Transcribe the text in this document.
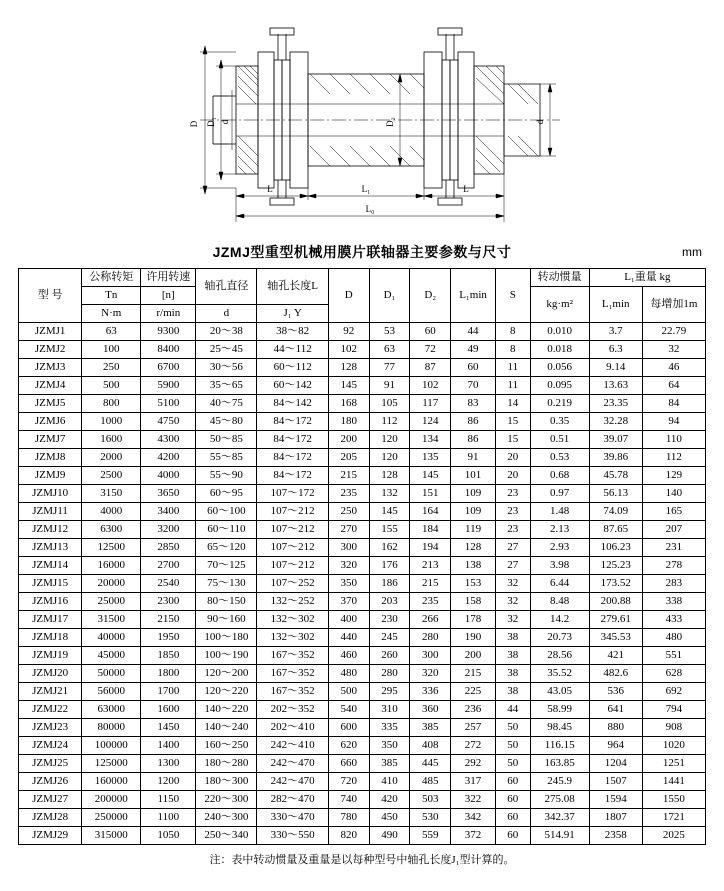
D D₁ d	D₂	d
L	L₁	L
L₀
JZMJ型重型机械用膜片联轴器主要参数与尺寸	mm
型 号	公称转矩	许用转速	轴孔直径	轴孔长度L	D	D₁	D₂	L₁min	S	转动惯量	L₁重量 kg	
	Tn	[n]								kg·m²	L₁min	每增加1m
	N·m	r/min	d	J₁ Y								
JZMJ1	63	9300	20～38	38～82	92	53	60	44	8	0.010	3.7	22.79
JZMJ2	100	8400	25～45	44～112	102	63	72	49	8	0.018	6.3	32
JZMJ3	250	6700	30～56	60～112	128	77	87	60	11	0.056	9.14	46
JZMJ4	500	5900	35～65	60～142	145	91	102	70	11	0.095	13.63	64
JZMJ5	800	5100	40～75	84～142	168	105	117	83	14	0.219	23.35	84
JZMJ6	1000	4750	45～80	84～172	180	112	124	86	15	0.35	32.28	94
JZMJ7	1600	4300	50～85	84～172	200	120	134	86	15	0.51	39.07	110
JZMJ8	2000	4200	55～85	84～172	205	120	135	91	20	0.53	39.86	112
JZMJ9	2500	4000	55～90	84～172	215	128	145	101	20	0.68	45.78	129
JZMJ10	3150	3650	60～95	107～172	235	132	151	109	23	0.97	56.13	140
JZMJ11	4000	3400	60～100	107～212	250	145	164	109	23	1.48	74.09	165
JZMJ12	6300	3200	60～110	107～212	270	155	184	119	23	2.13	87.65	207
JZMJ13	12500	2850	65～120	107～212	300	162	194	128	27	2.93	106.23	231
JZMJ14	16000	2700	70～125	107～212	320	176	213	138	27	3.98	125.23	278
JZMJ15	20000	2540	75～130	107～252	350	186	215	153	32	6.44	173.52	283
JZMJ16	25000	2300	80～150	132～252	370	203	235	158	32	8.48	200.88	338
JZMJ17	31500	2150	90～160	132～302	400	230	266	178	32	14.2	279.61	433
JZMJ18	40000	1950	100～180	132～302	440	245	280	190	38	20.73	345.53	480
JZMJ19	45000	1850	100～190	167～352	460	260	300	200	38	28.56	421	551
JZMJ20	50000	1800	120～200	167～352	480	280	320	215	38	35.52	482.6	628
JZMJ21	56000	1700	120～220	167～352	500	295	336	225	38	43.05	536	692
JZMJ22	63000	1600	140～220	202～352	540	310	360	236	44	58.99	641	794
JZMJ23	80000	1450	140～240	202～410	600	335	385	257	50	98.45	880	908
JZMJ24	100000	1400	160～250	242～410	620	350	408	272	50	116.15	964	1020
JZMJ25	125000	1300	180～280	242～470	660	385	445	292	50	163.85	1204	1251
JZMJ26	160000	1200	180～300	242～470	720	410	485	317	60	245.9	1507	1441
JZMJ27	200000	1150	220～300	282～470	740	420	503	322	60	275.08	1594	1550
JZMJ28	250000	1100	240～300	330～470	780	450	530	342	60	342.37	1807	1721
JZMJ29	315000	1050	250～340	330～550	820	490	559	372	60	514.91	2358	2025
注：表中转动惯量及重量是以每种型号中轴孔长度J₁型计算的。
